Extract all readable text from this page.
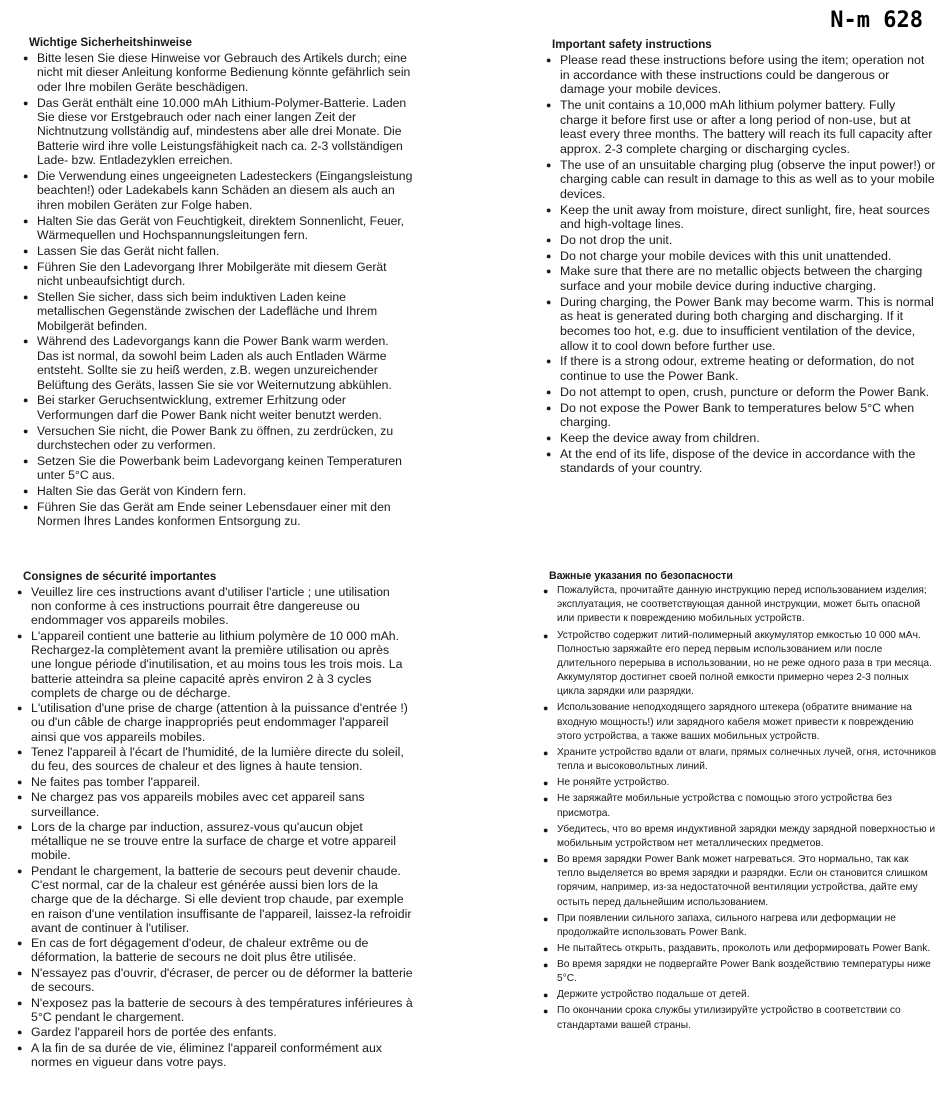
N-m 628
Wichtige Sicherheitshinweise
● Bitte lesen Sie diese Hinweise vor Gebrauch des Artikels durch; eine nicht mit dieser Anleitung konforme Bedienung könnte gefährlich sein oder Ihre mobilen Geräte beschädigen.
● Das Gerät enthält eine 10.000 mAh Lithium-Polymer-Batterie. Laden Sie diese vor Erstgebrauch oder nach einer langen Zeit der Nichtnutzung vollständig auf, mindestens aber alle drei Monate. Die Batterie wird ihre volle Leistungsfähigkeit nach ca. 2-3 vollständigen Lade- bzw. Entladezyklen erreichen.
● Die Verwendung eines ungeeigneten Ladesteckers (Eingangsleistung beachten!) oder Ladekabels kann Schäden an diesem als auch an ihren mobilen Geräten zur Folge haben.
● Halten Sie das Gerät von Feuchtigkeit, direktem Sonnenlicht, Feuer, Wärmequellen und Hochspannungsleitungen fern.
● Lassen Sie das Gerät nicht fallen.
● Führen Sie den Ladevorgang Ihrer Mobilgeräte mit diesem Gerät nicht unbeaufsichtigt durch.
● Stellen Sie sicher, dass sich beim induktiven Laden keine metallischen Gegenstände zwischen der Ladefläche und Ihrem Mobilgerät befinden.
● Während des Ladevorgangs kann die Power Bank warm werden. Das ist normal, da sowohl beim Laden als auch Entladen Wärme entsteht. Sollte sie zu heiß werden, z.B. wegen unzureichender Belüftung des Geräts, lassen Sie sie vor Weiternutzung abkühlen.
● Bei starker Geruchsentwicklung, extremer Erhitzung oder Verformungen darf die Power Bank nicht weiter benutzt werden.
● Versuchen Sie nicht, die Power Bank zu öffnen, zu zerdrücken, zu durchstechen oder zu verformen.
● Setzen Sie die Powerbank beim Ladevorgang keinen Temperaturen unter 5°C aus.
● Halten Sie das Gerät von Kindern fern.
● Führen Sie das Gerät am Ende seiner Lebensdauer einer mit den Normen Ihres Landes konformen Entsorgung zu.
Important safety instructions
● Please read these instructions before using the item; operation not in accordance with these instructions could be dangerous or damage your mobile devices.
● The unit contains a 10,000 mAh lithium polymer battery. Fully charge it before first use or after a long period of non-use, but at least every three months. The battery will reach its full capacity after approx. 2-3 complete charging or discharging cycles.
● The use of an unsuitable charging plug (observe the input power!) or charging cable can result in damage to this as well as to your mobile devices.
● Keep the unit away from moisture, direct sunlight, fire, heat sources and high-voltage lines.
● Do not drop the unit.
● Do not charge your mobile devices with this unit unattended.
● Make sure that there are no metallic objects between the charging surface and your mobile device during inductive charging.
● During charging, the Power Bank may become warm. This is normal as heat is generated during both charging and discharging. If it becomes too hot, e.g. due to insufficient ventilation of the device, allow it to cool down before further use.
● If there is a strong odour, extreme heating or deformation, do not continue to use the Power Bank.
● Do not attempt to open, crush, puncture or deform the Power Bank.
● Do not expose the Power Bank to temperatures below 5°C when charging.
● Keep the device away from children.
● At the end of its life, dispose of the device in accordance with the standards of your country.
Consignes de sécurité importantes
● Veuillez lire ces instructions avant d'utiliser l'article ; une utilisation non conforme à ces instructions pourrait être dangereuse ou endommager vos appareils mobiles.
● L'appareil contient une batterie au lithium polymère de 10 000 mAh. Rechargez-la complètement avant la première utilisation ou après une longue période d'inutilisation, et au moins tous les trois mois. La batterie atteindra sa pleine capacité après environ 2 à 3 cycles complets de charge ou de décharge.
● L'utilisation d'une prise de charge (attention à la puissance d'entrée !) ou d'un câble de charge inappropriés peut endommager l'appareil ainsi que vos appareils mobiles.
● Tenez l'appareil à l'écart de l'humidité, de la lumière directe du soleil, du feu, des sources de chaleur et des lignes à haute tension.
● Ne faites pas tomber l'appareil.
● Ne chargez pas vos appareils mobiles avec cet appareil sans surveillance.
● Lors de la charge par induction, assurez-vous qu'aucun objet métallique ne se trouve entre la surface de charge et votre appareil mobile.
● Pendant le chargement, la batterie de secours peut devenir chaude. C'est normal, car de la chaleur est générée aussi bien lors de la charge que de la décharge. Si elle devient trop chaude, par exemple en raison d'une ventilation insuffisante de l'appareil, laissez-la refroidir avant de continuer à l'utiliser.
● En cas de fort dégagement d'odeur, de chaleur extrême ou de déformation, la batterie de secours ne doit plus être utilisée.
● N'essayez pas d'ouvrir, d'écraser, de percer ou de déformer la batterie de secours.
● N'exposez pas la batterie de secours à des températures inférieures à 5°C pendant le chargement.
● Gardez l'appareil hors de portée des enfants.
● A la fin de sa durée de vie, éliminez l'appareil conformément aux normes en vigueur dans votre pays.
Важные указания по безопасности
● Пожалуйста, прочитайте данную инструкцию перед использованием изделия; эксплуатация, не соответствующая данной инструкции, может быть опасной или привести к повреждению мобильных устройств.
● Устройство содержит литий-полимерный аккумулятор емкостью 10 000 мАч. Полностью заряжайте его перед первым использованием или после длительного перерыва в использовании, но не реже одного раза в три месяца. Аккумулятор достигнет своей полной емкости примерно через 2-3 полных цикла зарядки или разрядки.
● Использование неподходящего зарядного штекера (обратите внимание на входную мощность!) или зарядного кабеля может привести к повреждению этого устройства, а также ваших мобильных устройств.
● Храните устройство вдали от влаги, прямых солнечных лучей, огня, источников тепла и высоковольтных линий.
● Не роняйте устройство.
● Не заряжайте мобильные устройства с помощью этого устройства без присмотра.
● Убедитесь, что во время индуктивной зарядки между зарядной поверхностью и мобильным устройством нет металлических предметов.
● Во время зарядки Power Bank может нагреваться. Это нормально, так как тепло выделяется во время зарядки и разрядки. Если он становится слишком горячим, например, из-за недостаточной вентиляции устройства, дайте ему остыть перед дальнейшим использованием.
● При появлении сильного запаха, сильного нагрева или деформации не продолжайте использовать Power Bank.
● Не пытайтесь открыть, раздавить, проколоть или деформировать Power Bank.
● Во время зарядки не подвергайте Power Bank воздействию температуры ниже 5°С.
● Держите устройство подальше от детей.
● По окончании срока службы утилизируйте устройство в соответствии со стандартами вашей страны.
